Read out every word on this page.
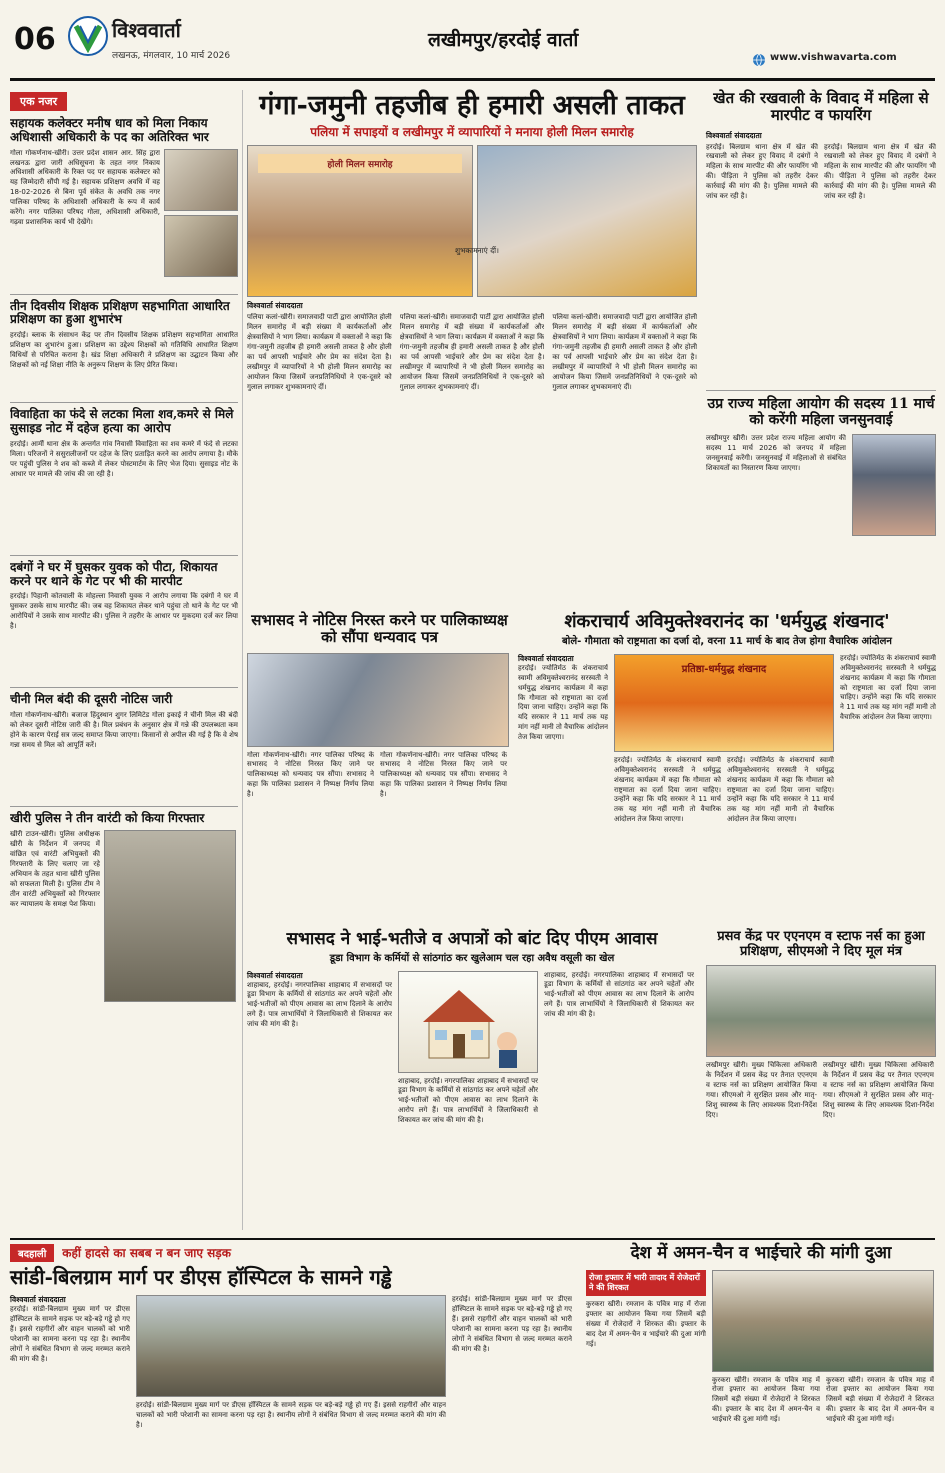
06	विश्ववार्ता
लखनऊ, मंगलवार, 10 मार्च 2026
लखीमपुर/हरदोई वार्ता
www.vishwavarta.com
एक नजर
सहायक कलेक्टर मनीष धाव को मिला निकाय अधिशासी अधिकारी के पद का अतिरिक्त भार
गोला गोकर्णनाथ-खीरी। उत्तर प्रदेश शासन आर. सिंह द्वारा लखनऊ द्वारा जारी अधिसूचना के तहत नगर निकाय अधिशासी अधिकारी के रिक्त पद पर सहायक कलेक्टर को यह जिम्मेदारी सौंपी गई है। सहायक प्रशिक्षण अवधि में वह 18-02-2026 से बिना पूर्व संकेत के अवधि तक नगर पालिका परिषद के अधिशासी अधिकारी के रूप में कार्य करेंगे। नगर पालिका परिषद गोला, अधिशासी अधिकारी, गढ़वा प्रशासनिक कार्य भी देखेंगे।
तीन दिवसीय शिक्षक प्रशिक्षण सहभागिता आधारित प्रशिक्षण का हुआ शुभारंभ
हरदोई। ब्लाक के संसाधन केंद्र पर तीन दिवसीय शिक्षक प्रशिक्षण सहभागिता आधारित प्रशिक्षण का शुभारंभ हुआ। प्रशिक्षण का उद्देश्य शिक्षकों को गतिविधि आधारित शिक्षण विधियों से परिचित कराना है। खंड शिक्षा अधिकारी ने प्रशिक्षण का उद्घाटन किया और शिक्षकों को नई शिक्षा नीति के अनुरूप शिक्षण के लिए प्रेरित किया।
विवाहिता का फंदे से लटका मिला शव,कमरे से मिले सुसाइड नोट में दहेज हत्या का आरोप
हरदोई। आर्मी थाना क्षेत्र के अन्तर्गत गांव निवासी विवाहिता का शव कमरे में फंदे से लटका मिला। परिजनों ने ससुरालीजनों पर दहेज के लिए प्रताड़ित करने का आरोप लगाया है। मौके पर पहुंची पुलिस ने शव को कब्जे में लेकर पोस्टमार्टम के लिए भेज दिया। सुसाइड नोट के आधार पर मामले की जांच की जा रही है।
दबंगों ने घर में घुसकर युवक को पीटा, शिकायत करने पर थाने के गेट पर भी की मारपीट
हरदोई। पिहानी कोतवाली के मोहल्ला निवासी युवक ने आरोप लगाया कि दबंगों ने घर में घुसकर उसके साथ मारपीट की। जब वह शिकायत लेकर थाने पहुंचा तो थाने के गेट पर भी आरोपियों ने उसके साथ मारपीट की। पुलिस ने तहरीर के आधार पर मुकदमा दर्ज कर लिया है।
चीनी मिल बंदी की दूसरी नोटिस जारी
गोला गोकर्णनाथ-खीरी। बजाज हिंदुस्थान शुगर लिमिटेड गोला इकाई ने चीनी मिल की बंदी को लेकर दूसरी नोटिस जारी की है। मिल प्रबंधन के अनुसार क्षेत्र में गन्ने की उपलब्धता कम होने के कारण पेराई सत्र जल्द समाप्त किया जाएगा। किसानों से अपील की गई है कि वे शेष गन्ना समय से मिल को आपूर्ति करें।
खीरी पुलिस ने तीन वारंटी को किया गिरफ्तार
खीरी टाउन-खीरी। पुलिस अधीक्षक खीरी के निर्देशन में जनपद में वांछित एवं वारंटी अभियुक्तों की गिरफ्तारी के लिए चलाए जा रहे अभियान के तहत थाना खीरी पुलिस को सफलता मिली है। पुलिस टीम ने तीन वारंटी अभियुक्तों को गिरफ्तार कर न्यायालय के समक्ष पेश किया।
गंगा-जमुनी तहजीब ही हमारी असली ताकत
पलिया में सपाइयों व लखीमपुर में व्यापारियों ने मनाया होली मिलन समारोह
होली मिलन समारोह
विश्ववार्ता संवाददाता
पलिया कलां-खीरी। समाजवादी पार्टी द्वारा आयोजित होली मिलन समारोह में बड़ी संख्या में कार्यकर्ताओं और क्षेत्रवासियों ने भाग लिया। कार्यक्रम में वक्ताओं ने कहा कि गंगा-जमुनी तहजीब ही हमारी असली ताकत है और होली का पर्व आपसी भाईचारे और प्रेम का संदेश देता है। लखीमपुर में व्यापारियों ने भी होली मिलन समारोह का आयोजन किया जिसमें जनप्रतिनिधियों ने एक-दूसरे को गुलाल लगाकर शुभकामनाएं दीं।
पलिया कलां-खीरी। समाजवादी पार्टी द्वारा आयोजित होली मिलन समारोह में बड़ी संख्या में कार्यकर्ताओं और क्षेत्रवासियों ने भाग लिया। कार्यक्रम में वक्ताओं ने कहा कि गंगा-जमुनी तहजीब ही हमारी असली ताकत है और होली का पर्व आपसी भाईचारे और प्रेम का संदेश देता है। लखीमपुर में व्यापारियों ने भी होली मिलन समारोह का आयोजन किया जिसमें जनप्रतिनिधियों ने एक-दूसरे को गुलाल लगाकर शुभकामनाएं दीं।
पलिया कलां-खीरी। समाजवादी पार्टी द्वारा आयोजित होली मिलन समारोह में बड़ी संख्या में कार्यकर्ताओं और क्षेत्रवासियों ने भाग लिया। कार्यक्रम में वक्ताओं ने कहा कि गंगा-जमुनी तहजीब ही हमारी असली ताकत है और होली का पर्व आपसी भाईचारे और प्रेम का संदेश देता है। लखीमपुर में व्यापारियों ने भी होली मिलन समारोह का आयोजन किया जिसमें जनप्रतिनिधियों ने एक-दूसरे को गुलाल लगाकर शुभकामनाएं दीं।
शुभकामनाएं दीं।
खेत की रखवाली के विवाद में महिला से मारपीट व फायरिंग
विश्ववार्ता संवाददाता
हरदोई। बिलग्राम थाना क्षेत्र में खेत की रखवाली को लेकर हुए विवाद में दबंगों ने महिला के साथ मारपीट की और फायरिंग भी की। पीड़िता ने पुलिस को तहरीर देकर कार्रवाई की मांग की है। पुलिस मामले की जांच कर रही है।
हरदोई। बिलग्राम थाना क्षेत्र में खेत की रखवाली को लेकर हुए विवाद में दबंगों ने महिला के साथ मारपीट की और फायरिंग भी की। पीड़िता ने पुलिस को तहरीर देकर कार्रवाई की मांग की है। पुलिस मामले की जांच कर रही है।
उप्र राज्य महिला आयोग की सदस्य 11 मार्च को करेंगी महिला जनसुनवाई
लखीमपुर खीरी। उत्तर प्रदेश राज्य महिला आयोग की सदस्य 11 मार्च 2026 को जनपद में महिला जनसुनवाई करेंगी। जनसुनवाई में महिलाओं से संबंधित शिकायतों का निस्तारण किया जाएगा।
सभासद ने नोटिस निरस्त करने पर पालिकाध्यक्ष को सौंपा धन्यवाद पत्र
गोला गोकर्णनाथ-खीरी। नगर पालिका परिषद के सभासद ने नोटिस निरस्त किए जाने पर पालिकाध्यक्ष को धन्यवाद पत्र सौंपा। सभासद ने कहा कि पालिका प्रशासन ने निष्पक्ष निर्णय लिया है।
गोला गोकर्णनाथ-खीरी। नगर पालिका परिषद के सभासद ने नोटिस निरस्त किए जाने पर पालिकाध्यक्ष को धन्यवाद पत्र सौंपा। सभासद ने कहा कि पालिका प्रशासन ने निष्पक्ष निर्णय लिया है।
शंकराचार्य अविमुक्तेश्वरानंद का 'धर्मयुद्ध शंखनाद'
बोले- गौमाता को राष्ट्रमाता का दर्जा दो, वरना 11 मार्च के बाद तेज होगा वैचारिक आंदोलन
विश्ववार्ता संवाददाता
हरदोई। ज्योतिर्मठ के शंकराचार्य स्वामी अविमुक्तेश्वरानंद सरस्वती ने धर्मयुद्ध शंखनाद कार्यक्रम में कहा कि गौमाता को राष्ट्रमाता का दर्जा दिया जाना चाहिए। उन्होंने कहा कि यदि सरकार ने 11 मार्च तक यह मांग नहीं मानी तो वैचारिक आंदोलन तेज किया जाएगा।
प्रतिष्ठा-धर्मयुद्ध शंखनाद
हरदोई। ज्योतिर्मठ के शंकराचार्य स्वामी अविमुक्तेश्वरानंद सरस्वती ने धर्मयुद्ध शंखनाद कार्यक्रम में कहा कि गौमाता को राष्ट्रमाता का दर्जा दिया जाना चाहिए। उन्होंने कहा कि यदि सरकार ने 11 मार्च तक यह मांग नहीं मानी तो वैचारिक आंदोलन तेज किया जाएगा।
हरदोई। ज्योतिर्मठ के शंकराचार्य स्वामी अविमुक्तेश्वरानंद सरस्वती ने धर्मयुद्ध शंखनाद कार्यक्रम में कहा कि गौमाता को राष्ट्रमाता का दर्जा दिया जाना चाहिए। उन्होंने कहा कि यदि सरकार ने 11 मार्च तक यह मांग नहीं मानी तो वैचारिक आंदोलन तेज किया जाएगा।
हरदोई। ज्योतिर्मठ के शंकराचार्य स्वामी अविमुक्तेश्वरानंद सरस्वती ने धर्मयुद्ध शंखनाद कार्यक्रम में कहा कि गौमाता को राष्ट्रमाता का दर्जा दिया जाना चाहिए। उन्होंने कहा कि यदि सरकार ने 11 मार्च तक यह मांग नहीं मानी तो वैचारिक आंदोलन तेज किया जाएगा।
सभासद ने भाई-भतीजे व अपात्रों को बांट दिए पीएम आवास
डूडा विभाग के कर्मियों से सांठगांठ कर खुलेआम चल रहा अवैध वसूली का खेल
विश्ववार्ता संवाददाता
शाहाबाद, हरदोई। नगरपालिका शाहाबाद में सभासदों पर डूडा विभाग के कर्मियों से सांठगांठ कर अपने चहेतों और भाई-भतीजों को पीएम आवास का लाभ दिलाने के आरोप लगे हैं। पात्र लाभार्थियों ने जिलाधिकारी से शिकायत कर जांच की मांग की है।
शाहाबाद, हरदोई। नगरपालिका शाहाबाद में सभासदों पर डूडा विभाग के कर्मियों से सांठगांठ कर अपने चहेतों और भाई-भतीजों को पीएम आवास का लाभ दिलाने के आरोप लगे हैं। पात्र लाभार्थियों ने जिलाधिकारी से शिकायत कर जांच की मांग की है।
शाहाबाद, हरदोई। नगरपालिका शाहाबाद में सभासदों पर डूडा विभाग के कर्मियों से सांठगांठ कर अपने चहेतों और भाई-भतीजों को पीएम आवास का लाभ दिलाने के आरोप लगे हैं। पात्र लाभार्थियों ने जिलाधिकारी से शिकायत कर जांच की मांग की है।
प्रसव केंद्र पर एएनएम व स्टाफ नर्स का हुआ प्रशिक्षण, सीएमओ ने दिए मूल मंत्र
लखीमपुर खीरी। मुख्य चिकित्सा अधिकारी के निर्देशन में प्रसव केंद्र पर तैनात एएनएम व स्टाफ नर्स का प्रशिक्षण आयोजित किया गया। सीएमओ ने सुरक्षित प्रसव और मातृ-शिशु स्वास्थ्य के लिए आवश्यक दिशा-निर्देश दिए।
लखीमपुर खीरी। मुख्य चिकित्सा अधिकारी के निर्देशन में प्रसव केंद्र पर तैनात एएनएम व स्टाफ नर्स का प्रशिक्षण आयोजित किया गया। सीएमओ ने सुरक्षित प्रसव और मातृ-शिशु स्वास्थ्य के लिए आवश्यक दिशा-निर्देश दिए।
बदहाली	कहीं हादसे का सबब न बन जाए सड़क
सांडी-बिलग्राम मार्ग पर डीएस हॉस्पिटल के सामने गड्ढे
विश्ववार्ता संवाददाता
हरदोई। सांडी-बिलग्राम मुख्य मार्ग पर डीएस हॉस्पिटल के सामने सड़क पर बड़े-बड़े गड्ढे हो गए हैं। इससे राहगीरों और वाहन चालकों को भारी परेशानी का सामना करना पड़ रहा है। स्थानीय लोगों ने संबंधित विभाग से जल्द मरम्मत कराने की मांग की है।
हरदोई। सांडी-बिलग्राम मुख्य मार्ग पर डीएस हॉस्पिटल के सामने सड़क पर बड़े-बड़े गड्ढे हो गए हैं। इससे राहगीरों और वाहन चालकों को भारी परेशानी का सामना करना पड़ रहा है। स्थानीय लोगों ने संबंधित विभाग से जल्द मरम्मत कराने की मांग की है।
हरदोई। सांडी-बिलग्राम मुख्य मार्ग पर डीएस हॉस्पिटल के सामने सड़क पर बड़े-बड़े गड्ढे हो गए हैं। इससे राहगीरों और वाहन चालकों को भारी परेशानी का सामना करना पड़ रहा है। स्थानीय लोगों ने संबंधित विभाग से जल्द मरम्मत कराने की मांग की है।
देश में अमन-चैन व भाईचारे की मांगी दुआ
रोजा इफ्तार में भारी तादाद में रोजेदारों ने की शिरकत
कुरकरा खीरी। रमजान के पवित्र माह में रोजा इफ्तार का आयोजन किया गया जिसमें बड़ी संख्या में रोजेदारों ने शिरकत की। इफ्तार के बाद देश में अमन-चैन व भाईचारे की दुआ मांगी गई।
कुरकरा खीरी। रमजान के पवित्र माह में रोजा इफ्तार का आयोजन किया गया जिसमें बड़ी संख्या में रोजेदारों ने शिरकत की। इफ्तार के बाद देश में अमन-चैन व भाईचारे की दुआ मांगी गई।
कुरकरा खीरी। रमजान के पवित्र माह में रोजा इफ्तार का आयोजन किया गया जिसमें बड़ी संख्या में रोजेदारों ने शिरकत की। इफ्तार के बाद देश में अमन-चैन व भाईचारे की दुआ मांगी गई।
